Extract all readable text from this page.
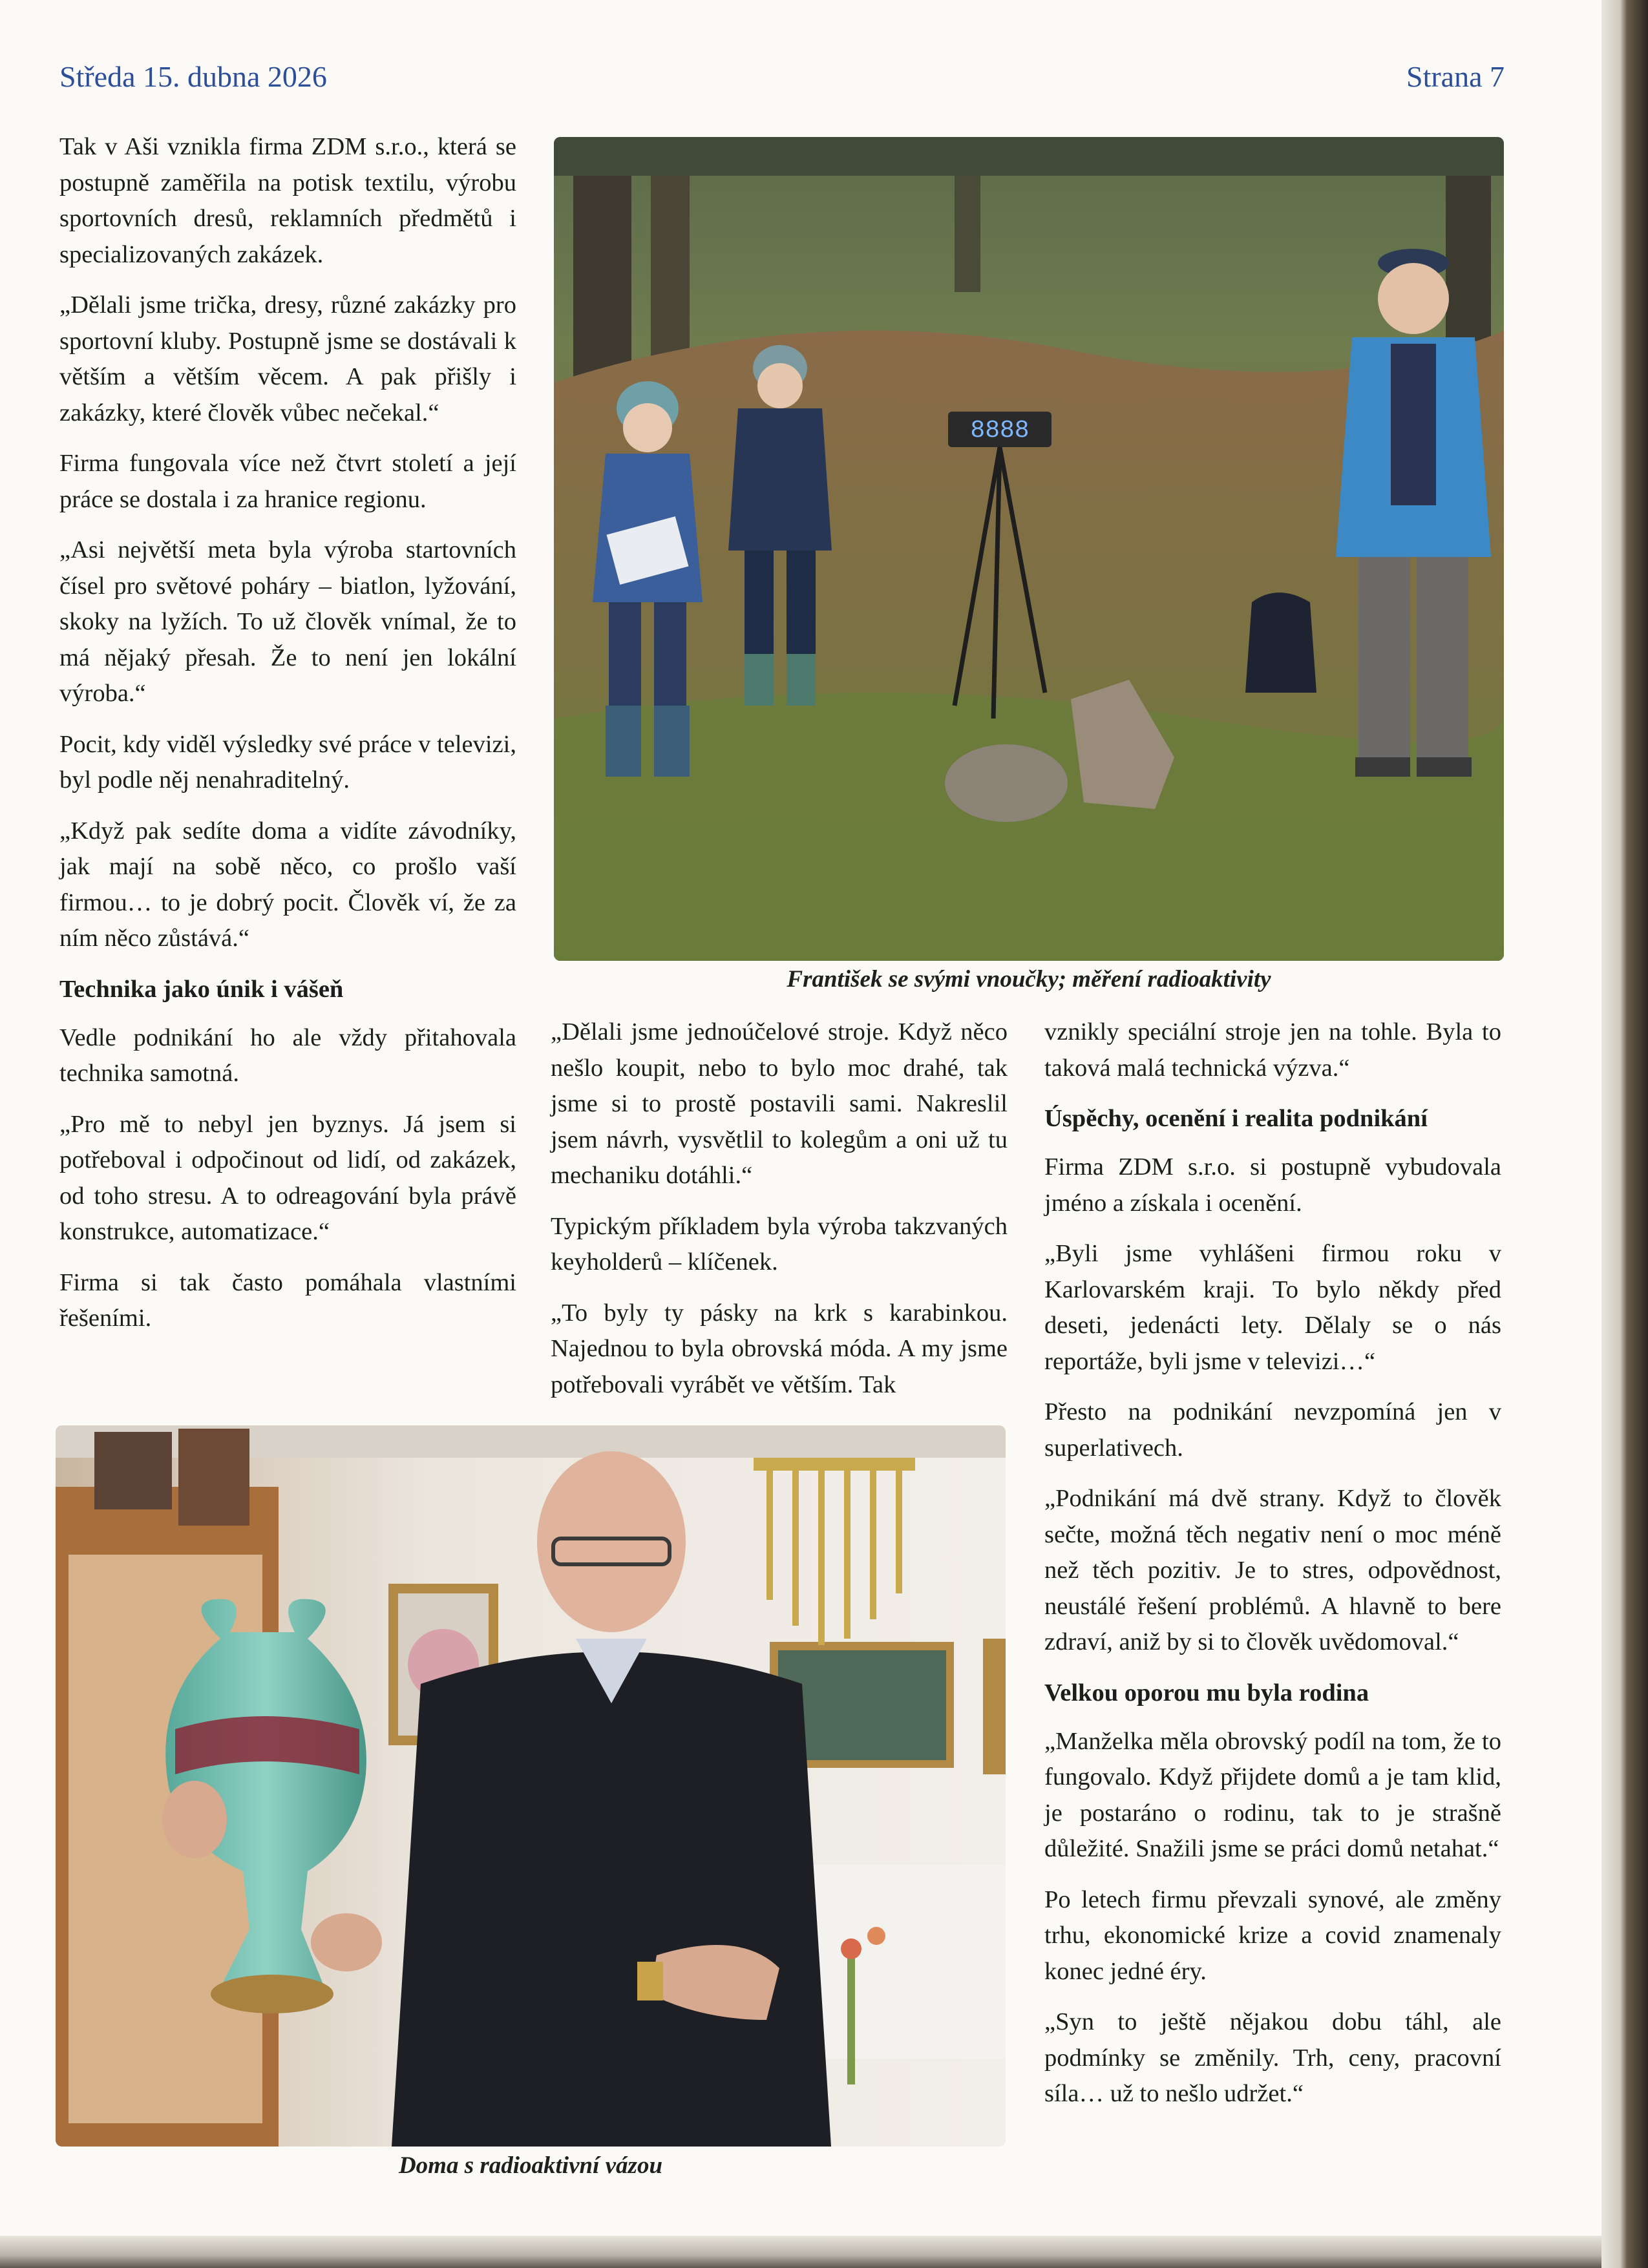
Středa 15. dubna 2026	Strana 7

Tak v Aši vznikla firma ZDM s.r.o., která se postupně zaměřila na potisk textilu, výrobu sportovních dresů, reklamních předmětů i specializovaných zakázek.

„Dělali jsme trička, dresy, různé zakázky pro sportovní kluby. Postupně jsme se dostávali k větším a větším věcem. A pak přišly i zakázky, které člověk vůbec nečekal.“

Firma fungovala více než čtvrt století a její práce se dostala i za hranice regionu.

„Asi největší meta byla výroba startovních čísel pro světové poháry – biatlon, lyžování, skoky na lyžích. To už člověk vnímal, že to má nějaký přesah. Že to není jen lokální výroba.“

Pocit, kdy viděl výsledky své práce v televizi, byl podle něj nenahraditelný.

„Když pak sedíte doma a vidíte závodníky, jak mají na sobě něco, co prošlo vaší firmou… to je dobrý pocit. Člověk ví, že za ním něco zůstává.“

Technika jako únik i vášeň

Vedle podnikání ho ale vždy přitahovala technika samotná.

„Pro mě to nebyl jen byznys. Já jsem si potřeboval i odpočinout od lidí, od zakázek, od toho stresu. A to odreagování byla právě konstrukce, automatizace.“

Firma si tak často pomáhala vlastními řešeními.

8888
František se svými vnoučky; měření radioaktivity

„Dělali jsme jednoúčelové stroje. Když něco nešlo koupit, nebo to bylo moc drahé, tak jsme si to prostě postavili sami. Nakreslil jsem návrh, vysvětlil to kolegům a oni už tu mechaniku dotáhli.“

Typickým příkladem byla výroba takzvaných keyholderů – klíčenek.

„To byly ty pásky na krk s karabinkou. Najednou to byla obrovská móda. A my jsme potřebovali vyrábět ve větším. Tak

vznikly speciální stroje jen na tohle. Byla to taková malá technická výzva.“

Úspěchy, ocenění i realita podnikání

Firma ZDM s.r.o. si postupně vybudovala jméno a získala i ocenění.

„Byli jsme vyhlášeni firmou roku v Karlovarském kraji. To bylo někdy před deseti, jedenácti lety. Dělaly se o nás reportáže, byli jsme v televizi…“

Přesto na podnikání nevzpomíná jen v superlativech.

„Podnikání má dvě strany. Když to člověk sečte, možná těch negativ není o moc méně než těch pozitiv. Je to stres, odpovědnost, neustálé řešení problémů. A hlavně to bere zdraví, aniž by si to člověk uvědomoval.“

Velkou oporou mu byla rodina

„Manželka měla obrovský podíl na tom, že to fungovalo. Když přijdete domů a je tam klid, je postaráno o rodinu, tak to je strašně důležité. Snažili jsme se práci domů netahat.“

Po letech firmu převzali synové, ale změny trhu, ekonomické krize a covid znamenaly konec jedné éry.

„Syn to ještě nějakou dobu táhl, ale podmínky se změnily. Trh, ceny, pracovní síla… už to nešlo udržet.“

Doma s radioaktivní vázou
